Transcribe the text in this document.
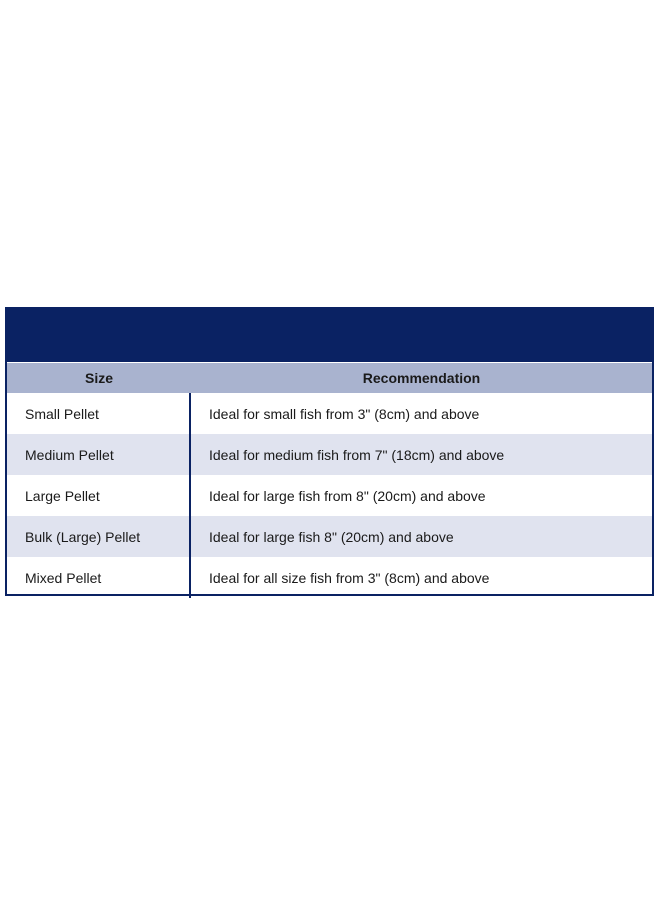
Size	Recommendation
Small Pellet	Ideal for small fish from 3" (8cm) and above
Medium Pellet	Ideal for medium fish from 7" (18cm) and above
Large Pellet	Ideal for large fish from 8" (20cm) and above
Bulk (Large) Pellet	Ideal for large fish 8" (20cm) and above
Mixed Pellet	Ideal for all size fish from 3" (8cm) and above
